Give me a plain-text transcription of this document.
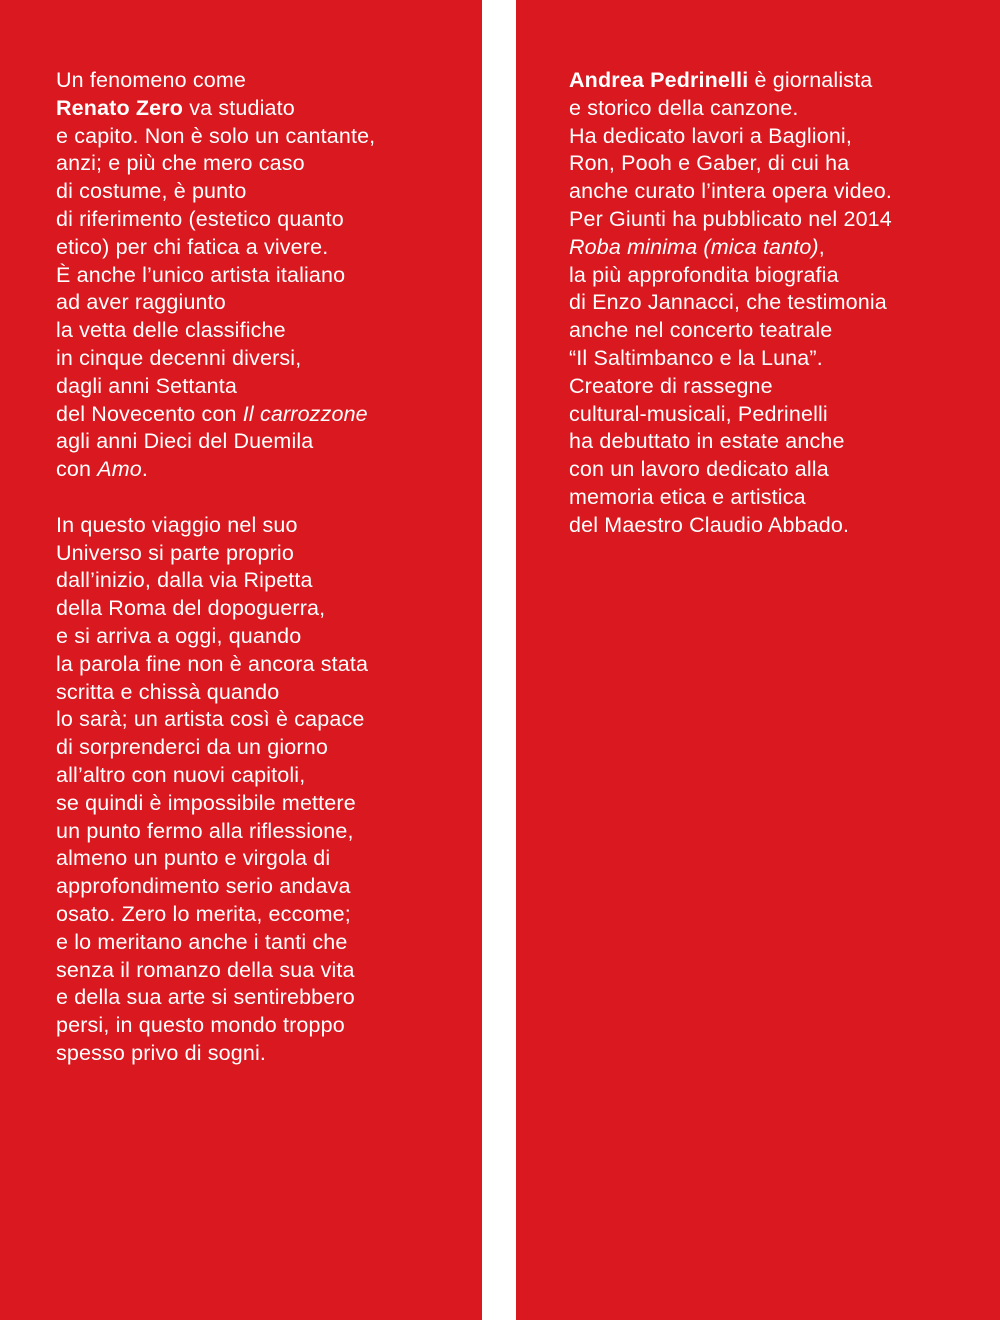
Un fenomeno come
Renato Zero va studiato
e capito. Non è solo un cantante,
anzi; e più che mero caso
di costume, è punto
di riferimento (estetico quanto
etico) per chi fatica a vivere.
È anche l’unico artista italiano
ad aver raggiunto
la vetta delle classifiche
in cinque decenni diversi,
dagli anni Settanta
del Novecento con Il carrozzone
agli anni Dieci del Duemila
con Amo.
In questo viaggio nel suo
Universo si parte proprio
dall’inizio, dalla via Ripetta
della Roma del dopoguerra,
e si arriva a oggi, quando
la parola fine non è ancora stata
scritta e chissà quando
lo sarà; un artista così è capace
di sorprenderci da un giorno
all’altro con nuovi capitoli,
se quindi è impossibile mettere
un punto fermo alla riflessione,
almeno un punto e virgola di
approfondimento serio andava
osato. Zero lo merita, eccome;
e lo meritano anche i tanti che
senza il romanzo della sua vita
e della sua arte si sentirebbero
persi, in questo mondo troppo
spesso privo di sogni.
Andrea Pedrinelli è giornalista
e storico della canzone.
Ha dedicato lavori a Baglioni,
Ron, Pooh e Gaber, di cui ha
anche curato l’intera opera video.
Per Giunti ha pubblicato nel 2014
Roba minima (mica tanto),
la più approfondita biografia
di Enzo Jannacci, che testimonia
anche nel concerto teatrale
“Il Saltimbanco e la Luna”.
Creatore di rassegne
cultural-musicali, Pedrinelli
ha debuttato in estate anche
con un lavoro dedicato alla
memoria etica e artistica
del Maestro Claudio Abbado.
